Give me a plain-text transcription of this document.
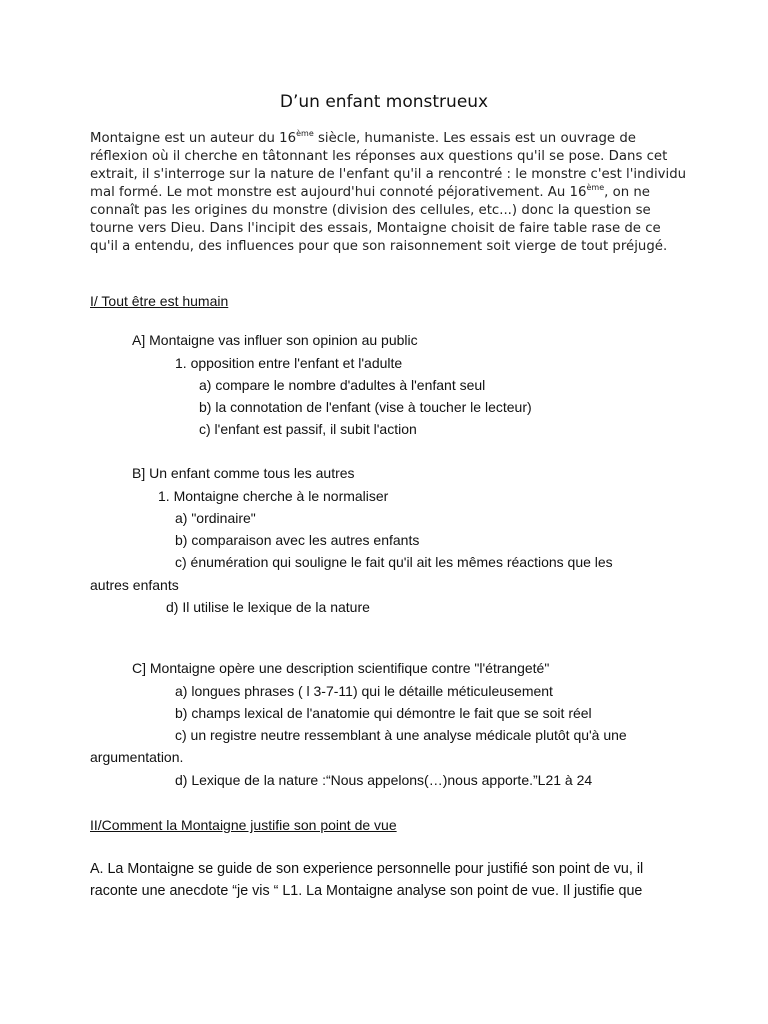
D’un enfant monstrueux
Montaigne est un auteur du 16ème siècle, humaniste. Les essais est un ouvrage de
réflexion où il cherche en tâtonnant les réponses aux questions qu'il se pose. Dans cet
extrait, il s'interroge sur la nature de l'enfant qu'il a rencontré : le monstre c'est l'individu
mal formé. Le mot monstre est aujourd'hui connoté péjorativement. Au 16ème, on ne
connaît pas les origines du monstre (division des cellules, etc...) donc la question se
tourne vers Dieu. Dans l'incipit des essais, Montaigne choisit de faire table rase de ce
qu'il a entendu, des influences pour que son raisonnement soit vierge de tout préjugé.
I/ Tout être est humain
A] Montaigne vas influer son opinion au public
1. opposition entre l'enfant et l'adulte
a) compare le nombre d'adultes à l'enfant seul
b) la connotation de l'enfant (vise à toucher le lecteur)
c) l'enfant est passif, il subit l'action
B] Un enfant comme tous les autres
1. Montaigne cherche à le normaliser
a) "ordinaire"
b) comparaison avec les autres enfants
c) énumération qui souligne le fait qu'il ait les mêmes réactions que les
autres enfants
d) Il utilise le lexique de la nature
C] Montaigne opère une description scientifique contre "l'étrangeté"
a) longues phrases ( l 3-7-11) qui le détaille méticuleusement
b) champs lexical de l'anatomie qui démontre le fait que se soit réel
c) un registre neutre ressemblant à une analyse médicale plutôt qu'à une
argumentation.
d) Lexique de la nature :“Nous appelons(…)nous apporte.”L21 à 24
II/Comment la Montaigne justifie son point de vue
A. La Montaigne se guide de son experience personnelle pour justifié son point de vu, il
raconte une anecdote “je vis “ L1. La Montaigne analyse son point de vue. Il justifie que
